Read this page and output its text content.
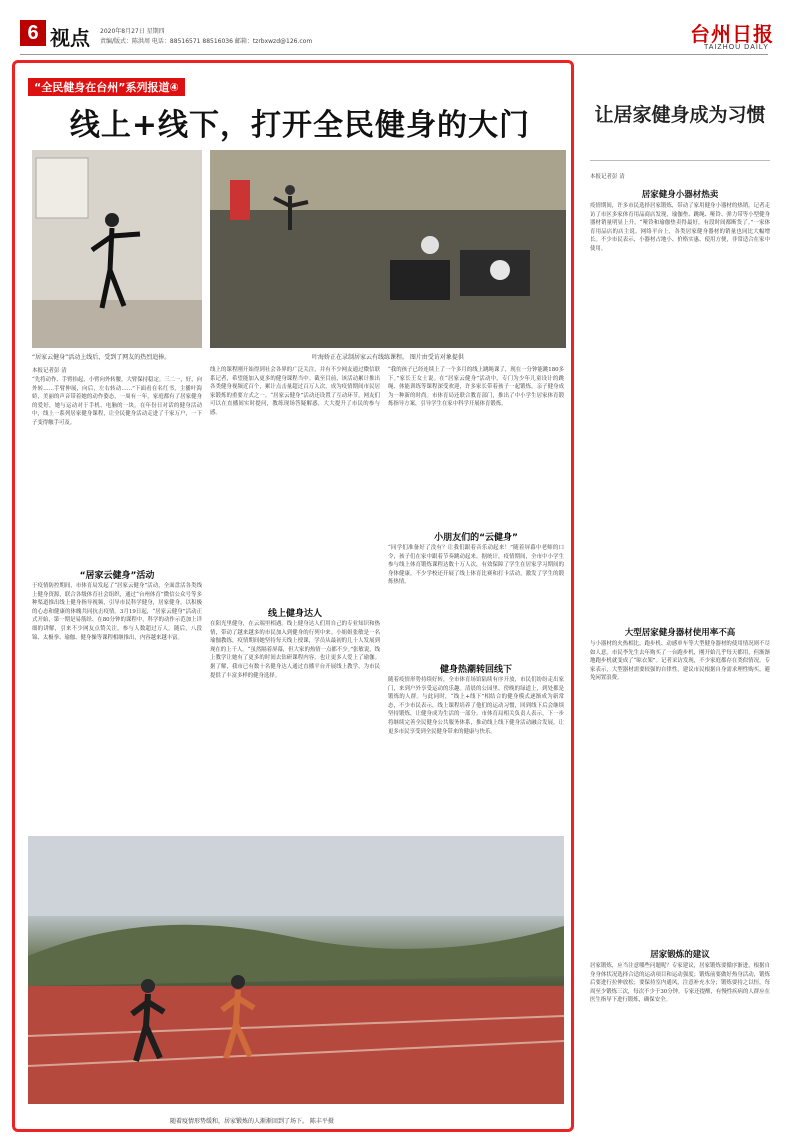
6 视点 2020年8月27日 星期四
责编/版式：陈洪周 电话：88516571 88516036 邮箱：tzrbxwzd@126.com	台州日报
TAIZHOU DAILY
“全民健身在台州”系列报道④
线上+线下，打开全民健身的大门
“居家云健身”活动上线后，受到了网友的热烈追捧。	叶海娇正在录制居家云有线练课程。 图片由受访对象提供
本报记者彭 清
“先将动作、手臂抬起，小臂向外转腰，大臂保持稳定。三二一，好，向外转……手臂伸展，向后，左右转动……”下面看在名红书，主播叶海娇，美丽的声音带着她的动作姿态，一周有一年，家庭都有了居家健身的爱好，她与运动对于手机、电脑的一块，在年份日对话的健身活动中，线上一系列居家健身课程，让全民健身活动走进了千家万户，一下子变得触手可及。
“居家云健身”活动
于疫情防控期间，市体育局发起了“居家云健身”活动，全面盘活各类线上健身资源，联合各级体育社会组织，通过“台州体育”微信公众号等多种渠道推出线上健身指导视频，引导市民科学健身，居家健身，以积极的心态和健康的体魄共同抗击疫情。3月19日起，“居家云健身”活动正式开始，第一期是易筋经、在80分钟的课程中，科学的动作示范加上详细的讲解，引来不少网友点赞关注，参与人数超过万人。随后，八段锦、太极拳、瑜伽、健身操等课程相继推出，内容越来越丰富。
线上的课程刚开始得到社会各界的广泛关注，并有不少网友通过微信联系记者，希望能加入更多的健身课程当中。截至目前，该活动累计推出各类健身视频近百个，累计点击量超过百万人次，成为疫情期间市民居家锻炼的重要方式之一。“居家云健身”活动还设置了互动环节，网友们可以在直播间实时提问，教练现场答疑解惑，大大提升了市民的参与感。
线上健身达人
在阳光里健身，在云端里相遇。线上健身达人们用自己的专业知识和热情，带动了越来越多的市民加入到健身的行列中来。小姐姐张敏是一名瑜伽教练，疫情期间她坚持每天线上授课，学员从最初的几十人发展到现在的上千人。“虽然隔着屏幕，但大家的热情一点都不少。”张敏说，线上教学让她有了更多的时间去钻研课程内容，也让更多人爱上了瑜伽。据了解，我市已有数十名健身达人通过直播平台开展线上教学，为市民提供了丰富多样的健身选择。
“我的孩子已经连续上了一个多月的线上跳绳课了，现在一分钟能跳180多下。”家长王女士说。在“居家云健身”活动中，专门为少年儿童设计的跳绳、体能训练等课程深受欢迎，许多家长带着孩子一起锻炼，亲子健身成为一种新的时尚。市体育局还联合教育部门，推出了中小学生居家体育锻炼指导方案，引导学生在家中科学开展体育锻炼。
小朋友们的“云健身”
“同学们准备好了没有？让我们跟着音乐动起来！”随着屏幕中老师的口令，孩子们在家中跟着节奏跳动起来。据统计，疫情期间，全市中小学生参与线上体育锻炼课程达数十万人次，有效保障了学生在居家学习期间的身体健康。不少学校还开展了线上体育比赛和打卡活动，激发了学生的锻炼热情。
健身热潮转回线下
随着疫情形势持续好转，全市体育场馆陆续有序开放，市民们纷纷走出家门，来到户外享受运动的乐趣。清晨的公园里、傍晚的绿道上，到处都是锻炼的人群。与此同时，“线上+线下”相结合的健身模式逐渐成为新常态，不少市民表示，线上课程培养了他们的运动习惯，回到线下后会继续坚持锻炼，让健身成为生活的一部分。市体育局相关负责人表示，下一步将继续完善全民健身公共服务体系，推动线上线下健身活动融合发展，让更多市民享受到全民健身带来的健康与快乐。
随着疫情形势缓和，居家锻炼的人渐渐回到了场下。 陈丰平摄
让居家健身成为习惯
本报记者彭 清
居家健身小器材热卖
疫情期间，许多市民选择居家锻炼，带动了家用健身小器材的热销。记者走访了市区多家体育用品商店发现，瑜伽垫、跳绳、哑铃、弹力带等小型健身器材销量明显上升。“哑铃和瑜伽垫卖得最好，有段时间都断货了。”一家体育用品店的店主说。网络平台上，各类居家健身器材的销量也同比大幅增长。不少市民表示，小器材占地小、价格实惠、使用方便，非常适合在家中使用。
大型居家健身器材使用率不高
与小器材的火热相比，跑步机、动感单车等大型健身器材的使用情况则不尽如人意。市民李先生去年购买了一台跑步机，刚开始几乎每天都用，但渐渐地跑步机就变成了“晾衣架”。记者采访发现，不少家庭都存在类似情况。专家表示，大型器材需要较强的自律性，建议市民根据自身需求理性购买，避免闲置浪费。
居家锻炼的建议
居家锻炼，应当注意哪些问题呢？专家建议，居家锻炼要循序渐进，根据自身身体状况选择合适的运动项目和运动强度；锻炼前要做好热身活动，锻炼后要进行拉伸放松；要保持室内通风，注意补充水分；锻炼要持之以恒，每周至少锻炼三次，每次不少于30分钟。专家还提醒，有慢性疾病的人群应在医生指导下进行锻炼，确保安全。
